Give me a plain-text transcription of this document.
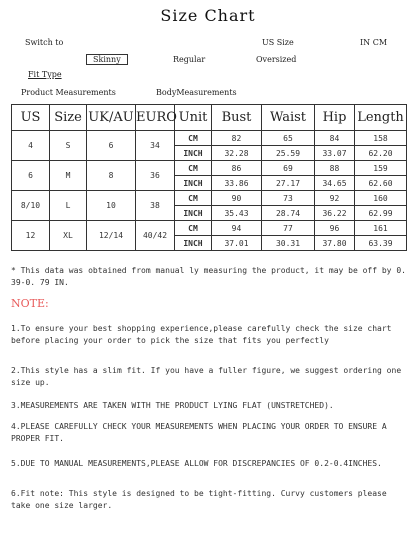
Size Chart
Switch to	US Size	IN CM
Skinny	Regular	Oversized
Fit Type
Product Measurements	BodyMeasurements
US	Size	UK/AU	EURO	Unit	Bust	Waist	Hip	Length
4	S	6	34	CM	82	65	84	158
				INCH	32.28	25.59	33.07	62.20
6	M	8	36	CM	86	69	88	159
				INCH	33.86	27.17	34.65	62.60
8/10	L	10	38	CM	90	73	92	160
				INCH	35.43	28.74	36.22	62.99
12	XL	12/14	40/42	CM	94	77	96	161
				INCH	37.01	30.31	37.80	63.39
* This data was obtained from manual ly measuring the product, it may be off by 0. 39-0. 79 IN.
NOTE:
1.To ensure your best shopping experience,please carefully check the size chart before placing your order to pick the size that fits you perfectly
2.This style has a slim fit. If you have a fuller figure, we suggest ordering one size up.
3.MEASUREMENTS ARE TAKEN WITH THE PRODUCT LYING FLAT (UNSTRETCHED).
4.PLEASE CAREFULLY CHECK YOUR MEASUREMENTS WHEN PLACING YOUR ORDER TO ENSURE A PROPER FIT.
5.DUE TO MANUAL MEASUREMENTS,PLEASE ALLOW FOR DISCREPANCIES OF 0.2-0.4INCHES.
6.Fit note: This style is designed to be tight-fitting. Curvy customers please take one size larger.
